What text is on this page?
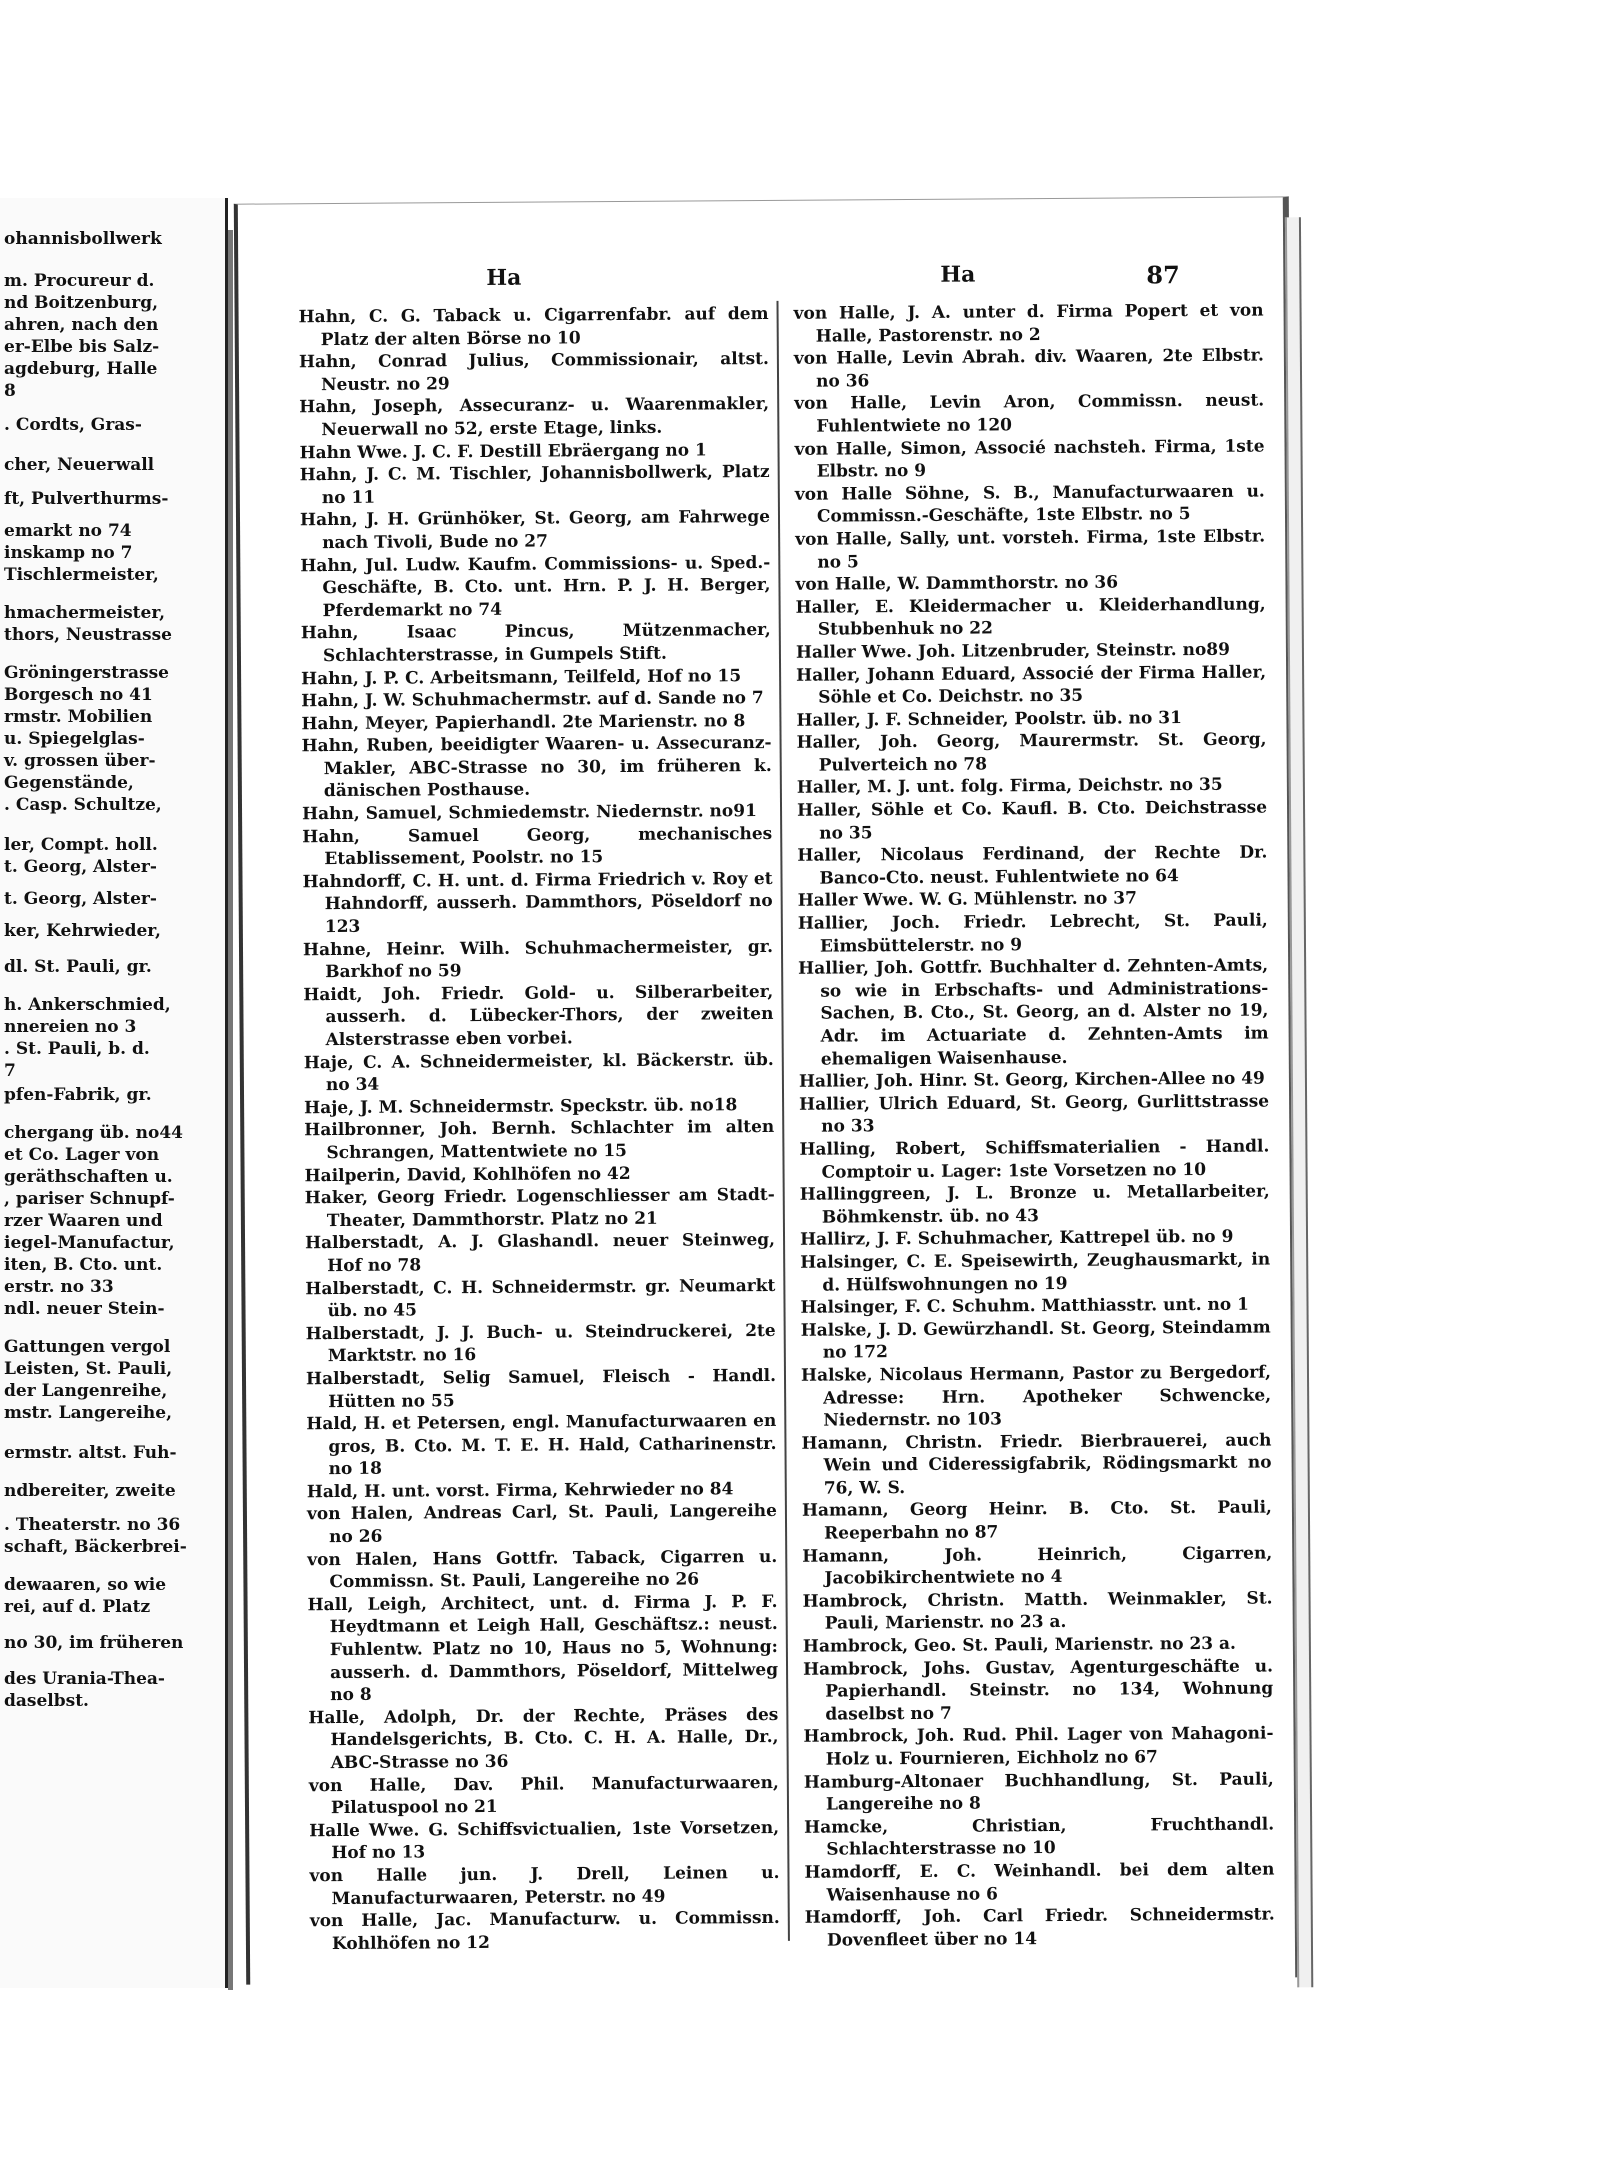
ohannisbollwerk
m. Procureur d.
nd Boitzenburg,
ahren, nach den
er-Elbe bis Salz-
agdeburg, Halle
8
. Cordts, Gras-
cher, Neuerwall
ft, Pulverthurms-
emarkt no 74
inskamp no 7
Tischlermeister,
hmachermeister,
thors, Neustrasse
Gröningerstrasse
Borgesch no 41
rmstr. Mobilien
u. Spiegelglas-
v. grossen über-
Gegenstände,
. Casp. Schultze,
ler, Compt. holl.
t. Georg, Alster-
t. Georg, Alster-
ker, Kehrwieder,
dl. St. Pauli, gr.
h. Ankerschmied,
nnereien no 3
. St. Pauli, b. d.
7
pfen-Fabrik, gr.
chergang üb. no44
et Co. Lager von
geräthschaften u.
, pariser Schnupf-
rzer Waaren und
iegel-Manufactur,
iten, B. Cto. unt.
erstr. no 33
ndl. neuer Stein-
Gattungen vergol
Leisten, St. Pauli,
der Langenreihe,
mstr. Langereihe,
ermstr. altst. Fuh-
ndbereiter, zweite
. Theaterstr. no 36
schaft, Bäckerbrei-
dewaaren, so wie
rei, auf d. Platz
no 30, im früheren
des Urania-Thea-
daselbst.
Ha	Ha	87
Hahn, C. G. Taback u. Cigarrenfabr. auf dem Platz der alten Börse no 10
Hahn, Conrad Julius, Commissionair, altst. Neustr. no 29
Hahn, Joseph, Assecuranz- u. Waarenmakler, Neuerwall no 52, erste Etage, links.
Hahn Wwe. J. C. F. Destill Ebräergang no 1
Hahn, J. C. M. Tischler, Johannisbollwerk, Platz no 11
Hahn, J. H. Grünhöker, St. Georg, am Fahrwege nach Tivoli, Bude no 27
Hahn, Jul. Ludw. Kaufm. Commissions- u. Sped.-Geschäfte, B. Cto. unt. Hrn. P. J. H. Berger, Pferdemarkt no 74
Hahn, Isaac Pincus, Mützenmacher, Schlachterstrasse, in Gumpels Stift.
Hahn, J. P. C. Arbeitsmann, Teilfeld, Hof no 15
Hahn, J. W. Schuhmachermstr. auf d. Sande no 7
Hahn, Meyer, Papierhandl. 2te Marienstr. no 8
Hahn, Ruben, beeidigter Waaren- u. Assecuranz-Makler, ABC-Strasse no 30, im früheren k. dänischen Posthause.
Hahn, Samuel, Schmiedemstr. Niedernstr. no91
Hahn, Samuel Georg, mechanisches Etablissement, Poolstr. no 15
Hahndorff, C. H. unt. d. Firma Friedrich v. Roy et Hahndorff, ausserh. Dammthors, Pöseldorf no 123
Hahne, Heinr. Wilh. Schuhmachermeister, gr. Barkhof no 59
Haidt, Joh. Friedr. Gold- u. Silberarbeiter, ausserh. d. Lübecker-Thors, der zweiten Alsterstrasse eben vorbei.
Haje, C. A. Schneidermeister, kl. Bäckerstr. üb. no 34
Haje, J. M. Schneidermstr. Speckstr. üb. no18
Hailbronner, Joh. Bernh. Schlachter im alten Schrangen, Mattentwiete no 15
Hailperin, David, Kohlhöfen no 42
Haker, Georg Friedr. Logenschliesser am Stadt-Theater, Dammthorstr. Platz no 21
Halberstadt, A. J. Glashandl. neuer Steinweg, Hof no 78
Halberstadt, C. H. Schneidermstr. gr. Neumarkt üb. no 45
Halberstadt, J. J. Buch- u. Steindruckerei, 2te Marktstr. no 16
Halberstadt, Selig Samuel, Fleisch - Handl. Hütten no 55
Hald, H. et Petersen, engl. Manufacturwaaren en gros, B. Cto. M. T. E. H. Hald, Catharinenstr. no 18
Hald, H. unt. vorst. Firma, Kehrwieder no 84
von Halen, Andreas Carl, St. Pauli, Langereihe no 26
von Halen, Hans Gottfr. Taback, Cigarren u. Commissn. St. Pauli, Langereihe no 26
Hall, Leigh, Architect, unt. d. Firma J. P. F. Heydtmann et Leigh Hall, Geschäftsz.: neust. Fuhlentw. Platz no 10, Haus no 5, Wohnung: ausserh. d. Dammthors, Pöseldorf, Mittelweg no 8
Halle, Adolph, Dr. der Rechte, Präses des Handelsgerichts, B. Cto. C. H. A. Halle, Dr., ABC-Strasse no 36
von Halle, Dav. Phil. Manufacturwaaren, Pilatuspool no 21
Halle Wwe. G. Schiffsvictualien, 1ste Vorsetzen, Hof no 13
von Halle jun. J. Drell, Leinen u. Manufacturwaaren, Peterstr. no 49
von Halle, Jac. Manufacturw. u. Commissn. Kohlhöfen no 12
von Halle, J. A. unter d. Firma Popert et von Halle, Pastorenstr. no 2
von Halle, Levin Abrah. div. Waaren, 2te Elbstr. no 36
von Halle, Levin Aron, Commissn. neust. Fuhlentwiete no 120
von Halle, Simon, Associé nachsteh. Firma, 1ste Elbstr. no 9
von Halle Söhne, S. B., Manufacturwaaren u. Commissn.-Geschäfte, 1ste Elbstr. no 5
von Halle, Sally, unt. vorsteh. Firma, 1ste Elbstr. no 5
von Halle, W. Dammthorstr. no 36
Haller, E. Kleidermacher u. Kleiderhandlung, Stubbenhuk no 22
Haller Wwe. Joh. Litzenbruder, Steinstr. no89
Haller, Johann Eduard, Associé der Firma Haller, Söhle et Co. Deichstr. no 35
Haller, J. F. Schneider, Poolstr. üb. no 31
Haller, Joh. Georg, Maurermstr. St. Georg, Pulverteich no 78
Haller, M. J. unt. folg. Firma, Deichstr. no 35
Haller, Söhle et Co. Kaufl. B. Cto. Deichstrasse no 35
Haller, Nicolaus Ferdinand, der Rechte Dr. Banco-Cto. neust. Fuhlentwiete no 64
Haller Wwe. W. G. Mühlenstr. no 37
Hallier, Joch. Friedr. Lebrecht, St. Pauli, Eimsbüttelerstr. no 9
Hallier, Joh. Gottfr. Buchhalter d. Zehnten-Amts, so wie in Erbschafts- und Administrations-Sachen, B. Cto., St. Georg, an d. Alster no 19, Adr. im Actuariate d. Zehnten-Amts im ehemaligen Waisenhause.
Hallier, Joh. Hinr. St. Georg, Kirchen-Allee no 49
Hallier, Ulrich Eduard, St. Georg, Gurlittstrasse no 33
Halling, Robert, Schiffsmaterialien - Handl. Comptoir u. Lager: 1ste Vorsetzen no 10
Hallinggreen, J. L. Bronze u. Metallarbeiter, Böhmkenstr. üb. no 43
Hallirz, J. F. Schuhmacher, Kattrepel üb. no 9
Halsinger, C. E. Speisewirth, Zeughausmarkt, in d. Hülfswohnungen no 19
Halsinger, F. C. Schuhm. Matthiasstr. unt. no 1
Halske, J. D. Gewürzhandl. St. Georg, Steindamm no 172
Halske, Nicolaus Hermann, Pastor zu Bergedorf, Adresse: Hrn. Apotheker Schwencke, Niedernstr. no 103
Hamann, Christn. Friedr. Bierbrauerei, auch Wein und Cideressigfabrik, Rödingsmarkt no 76, W. S.
Hamann, Georg Heinr. B. Cto. St. Pauli, Reeperbahn no 87
Hamann, Joh. Heinrich, Cigarren, Jacobikirchentwiete no 4
Hambrock, Christn. Matth. Weinmakler, St. Pauli, Marienstr. no 23 a.
Hambrock, Geo. St. Pauli, Marienstr. no 23 a.
Hambrock, Johs. Gustav, Agenturgeschäfte u. Papierhandl. Steinstr. no 134, Wohnung daselbst no 7
Hambrock, Joh. Rud. Phil. Lager von Mahagoni-Holz u. Fournieren, Eichholz no 67
Hamburg-Altonaer Buchhandlung, St. Pauli, Langereihe no 8
Hamcke, Christian, Fruchthandl. Schlachterstrasse no 10
Hamdorff, E. C. Weinhandl. bei dem alten Waisenhause no 6
Hamdorff, Joh. Carl Friedr. Schneidermstr. Dovenfleet über no 14
